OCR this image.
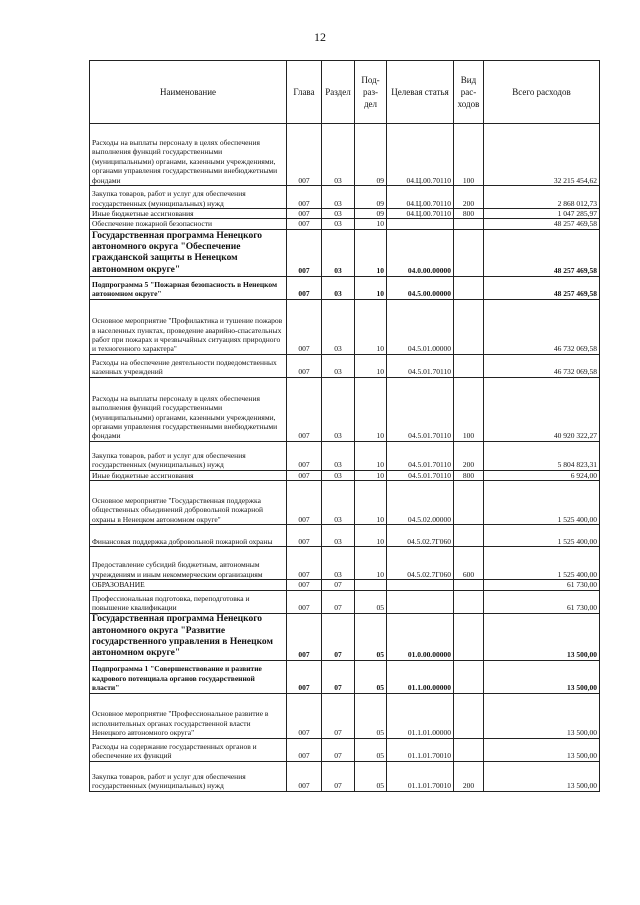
12
Наименование	Глава	Раздел	Под-раз-дел	Целевая статья	Вид рас-ходов	Всего расходов
Расходы на выплаты персоналу в целях обеспечения выполнения функций государственными (муниципальными) органами, казенными учреждениями, органами управления государственными внебюджетными фондами	007	03	09	04.Ц.00.70110	100	32 215 454,62
Закупка товаров, работ и услуг для обеспечения государственных (муниципальных) нужд	007	03	09	04.Ц.00.70110	200	2 868 012,73
Иные бюджетные ассигнования	007	03	09	04.Ц.00.70110	800	1 047 285,97
Обеспечение пожарной безопасности	007	03	10			48 257 469,58
Государственная программа Ненецкого автономного округа "Обеспечение гражданской защиты в Ненецком автономном округе"	007	03	10	04.0.00.00000		48 257 469,58
Подпрограмма 5 "Пожарная безопасность в Ненецком автономном округе"	007	03	10	04.5.00.00000		48 257 469,58
Основное мероприятие "Профилактика и тушение пожаров в населенных пунктах, проведение аварийно-спасательных работ при пожарах и чрезвычайных ситуациях природного и техногенного характера"	007	03	10	04.5.01.00000		46 732 069,58
Расходы на обеспечение деятельности подведомственных казенных учреждений	007	03	10	04.5.01.70110		46 732 069,58
Расходы на выплаты персоналу в целях обеспечения выполнения функций государственными (муниципальными) органами, казенными учреждениями, органами управления государственными внебюджетными фондами	007	03	10	04.5.01.70110	100	40 920 322,27
Закупка товаров, работ и услуг для обеспечения государственных (муниципальных) нужд	007	03	10	04.5.01.70110	200	5 804 823,31
Иные бюджетные ассигнования	007	03	10	04.5.01.70110	800	6 924,00
Основное мероприятие "Государственная поддержка общественных объединений добровольной пожарной охраны в Ненецком автономном округе"	007	03	10	04.5.02.00000		1 525 400,00
Финансовая поддержка добровольной пожарной охраны	007	03	10	04.5.02.7Г060		1 525 400,00
Предоставление субсидий бюджетным, автономным учреждениям и иным некоммерческим организациям	007	03	10	04.5.02.7Г060	600	1 525 400,00
ОБРАЗОВАНИЕ	007	07				61 730,00
Профессиональная подготовка, переподготовка и повышение квалификации	007	07	05			61 730,00
Государственная программа Ненецкого автономного округа "Развитие государственного управления в Ненецком автономном округе"	007	07	05	01.0.00.00000		13 500,00
Подпрограмма 1 "Совершенствование и развитие кадрового потенциала органов государственной власти"	007	07	05	01.1.00.00000		13 500,00
Основное мероприятие "Профессиональное развитие в исполнительных органах государственной власти Ненецкого автономного округа"	007	07	05	01.1.01.00000		13 500,00
Расходы на содержание государственных органов и обеспечение их функций	007	07	05	01.1.01.70010		13 500,00
Закупка товаров, работ и услуг для обеспечения государственных (муниципальных) нужд	007	07	05	01.1.01.70010	200	13 500,00
